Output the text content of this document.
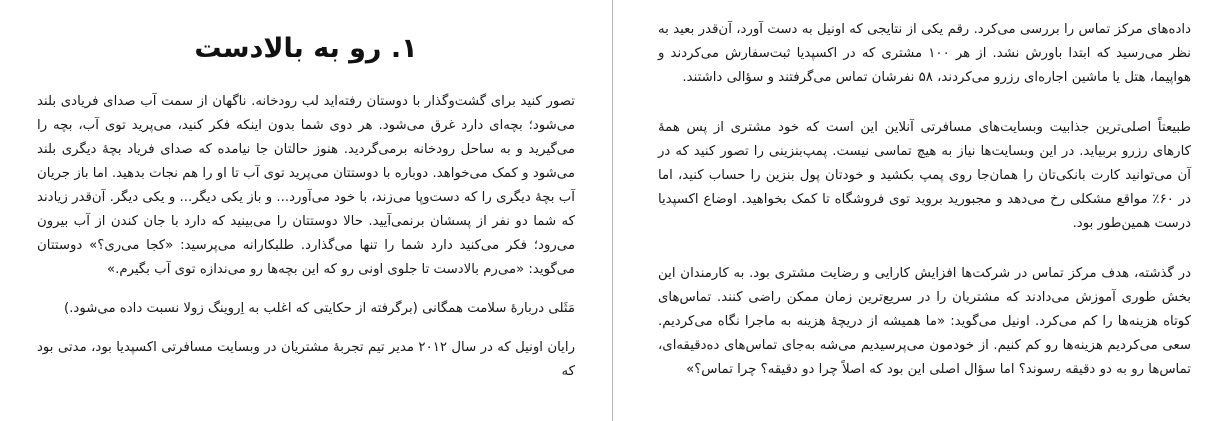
۱. رو به بالادست

تصور کنید برای گشت‌وگذار با دوستان رفته‌اید لب رودخانه. ناگهان از سمت آب صدای فریادی بلند می‌شود؛ بچه‌ای دارد غرق می‌شود. هر دوی شما بدون اینکه فکر کنید، می‌پرید توی آب، بچه را می‌گیرید و به ساحل رودخانه برمی‌گردید. هنوز حالتان جا نیامده که صدای فریاد بچهٔ دیگری بلند می‌شود و کمک می‌خواهد. دوباره با دوستتان می‌پرید توی آب تا او را هم نجات بدهید. اما باز جریان آب بچهٔ دیگری را که دست‌وپا می‌زند، با خود می‌آورد... و باز یکی دیگر... و یکی دیگر. آن‌قدر زیادند که شما دو نفر از پسشان برنمی‌آیید. حالا دوستتان را می‌بینید که دارد با جان کندن از آب بیرون می‌رود؛ فکر می‌کنید دارد شما را تنها می‌گذارد. طلبکارانه می‌پرسید: «کجا می‌ری؟» دوستتان می‌گوید: «می‌رم بالادست تا جلوی اونی رو که این بچه‌ها رو می‌ندازه توی آب بگیرم.»

مَثَلی دربارهٔ سلامت همگانی (برگرفته از حکایتی که اغلب به اِروینگ زولا نسبت داده می‌شود.)

رایان اونیل که در سال ۲۰۱۲ مدیر تیم تجربهٔ مشتریان در وبسایت مسافرتی اکسپدیا بود، مدتی بود که

داده‌های مرکز تماس را بررسی می‌کرد. رقم یکی از نتایجی که اونیل به دست آورد، آن‌قدر بعید به نظر می‌رسید که ابتدا باورش نشد. از هر ۱۰۰ مشتری که در اکسپدیا ثبت‌سفارش می‌کردند و هواپیما، هتل یا ماشین اجاره‌ای رزرو می‌کردند، ۵۸ نفرشان تماس می‌گرفتند و سؤالی داشتند.

طبیعتاً اصلی‌ترین جذابیت وبسایت‌های مسافرتی آنلاین این است که خود مشتری از پس همهٔ کارهای رزرو بربیاید. در این وبسایت‌ها نیاز به هیچ تماسی نیست. پمپ‌بنزینی را تصور کنید که در آن می‌توانید کارت بانکی‌تان را همان‌جا روی پمپ بکشید و خودتان پول بنزین را حساب کنید، اما در ۶۰٪ مواقع مشکلی رخ می‌دهد و مجبورید بروید توی فروشگاه تا کمک بخواهید. اوضاع اکسپدیا درست همین‌طور بود.

در گذشته، هدف مرکز تماس در شرکت‌ها افزایش کارایی و رضایت مشتری بود. به کارمندان این بخش طوری آموزش می‌دادند که مشتریان را در سریع‌ترین زمان ممکن راضی کنند. تماس‌های کوتاه هزینه‌ها را کم می‌کرد. اونیل می‌گوید: «ما همیشه از دریچهٔ هزینه به ماجرا نگاه می‌کردیم. سعی می‌کردیم هزینه‌ها رو کم کنیم. از خودمون می‌پرسیدیم می‌شه به‌جای تماس‌های ده‌دقیقه‌ای، تماس‌ها رو به دو دقیقه رسوند؟ اما سؤال اصلی این بود که اصلاً چرا دو دقیقه؟ چرا تماس؟»
